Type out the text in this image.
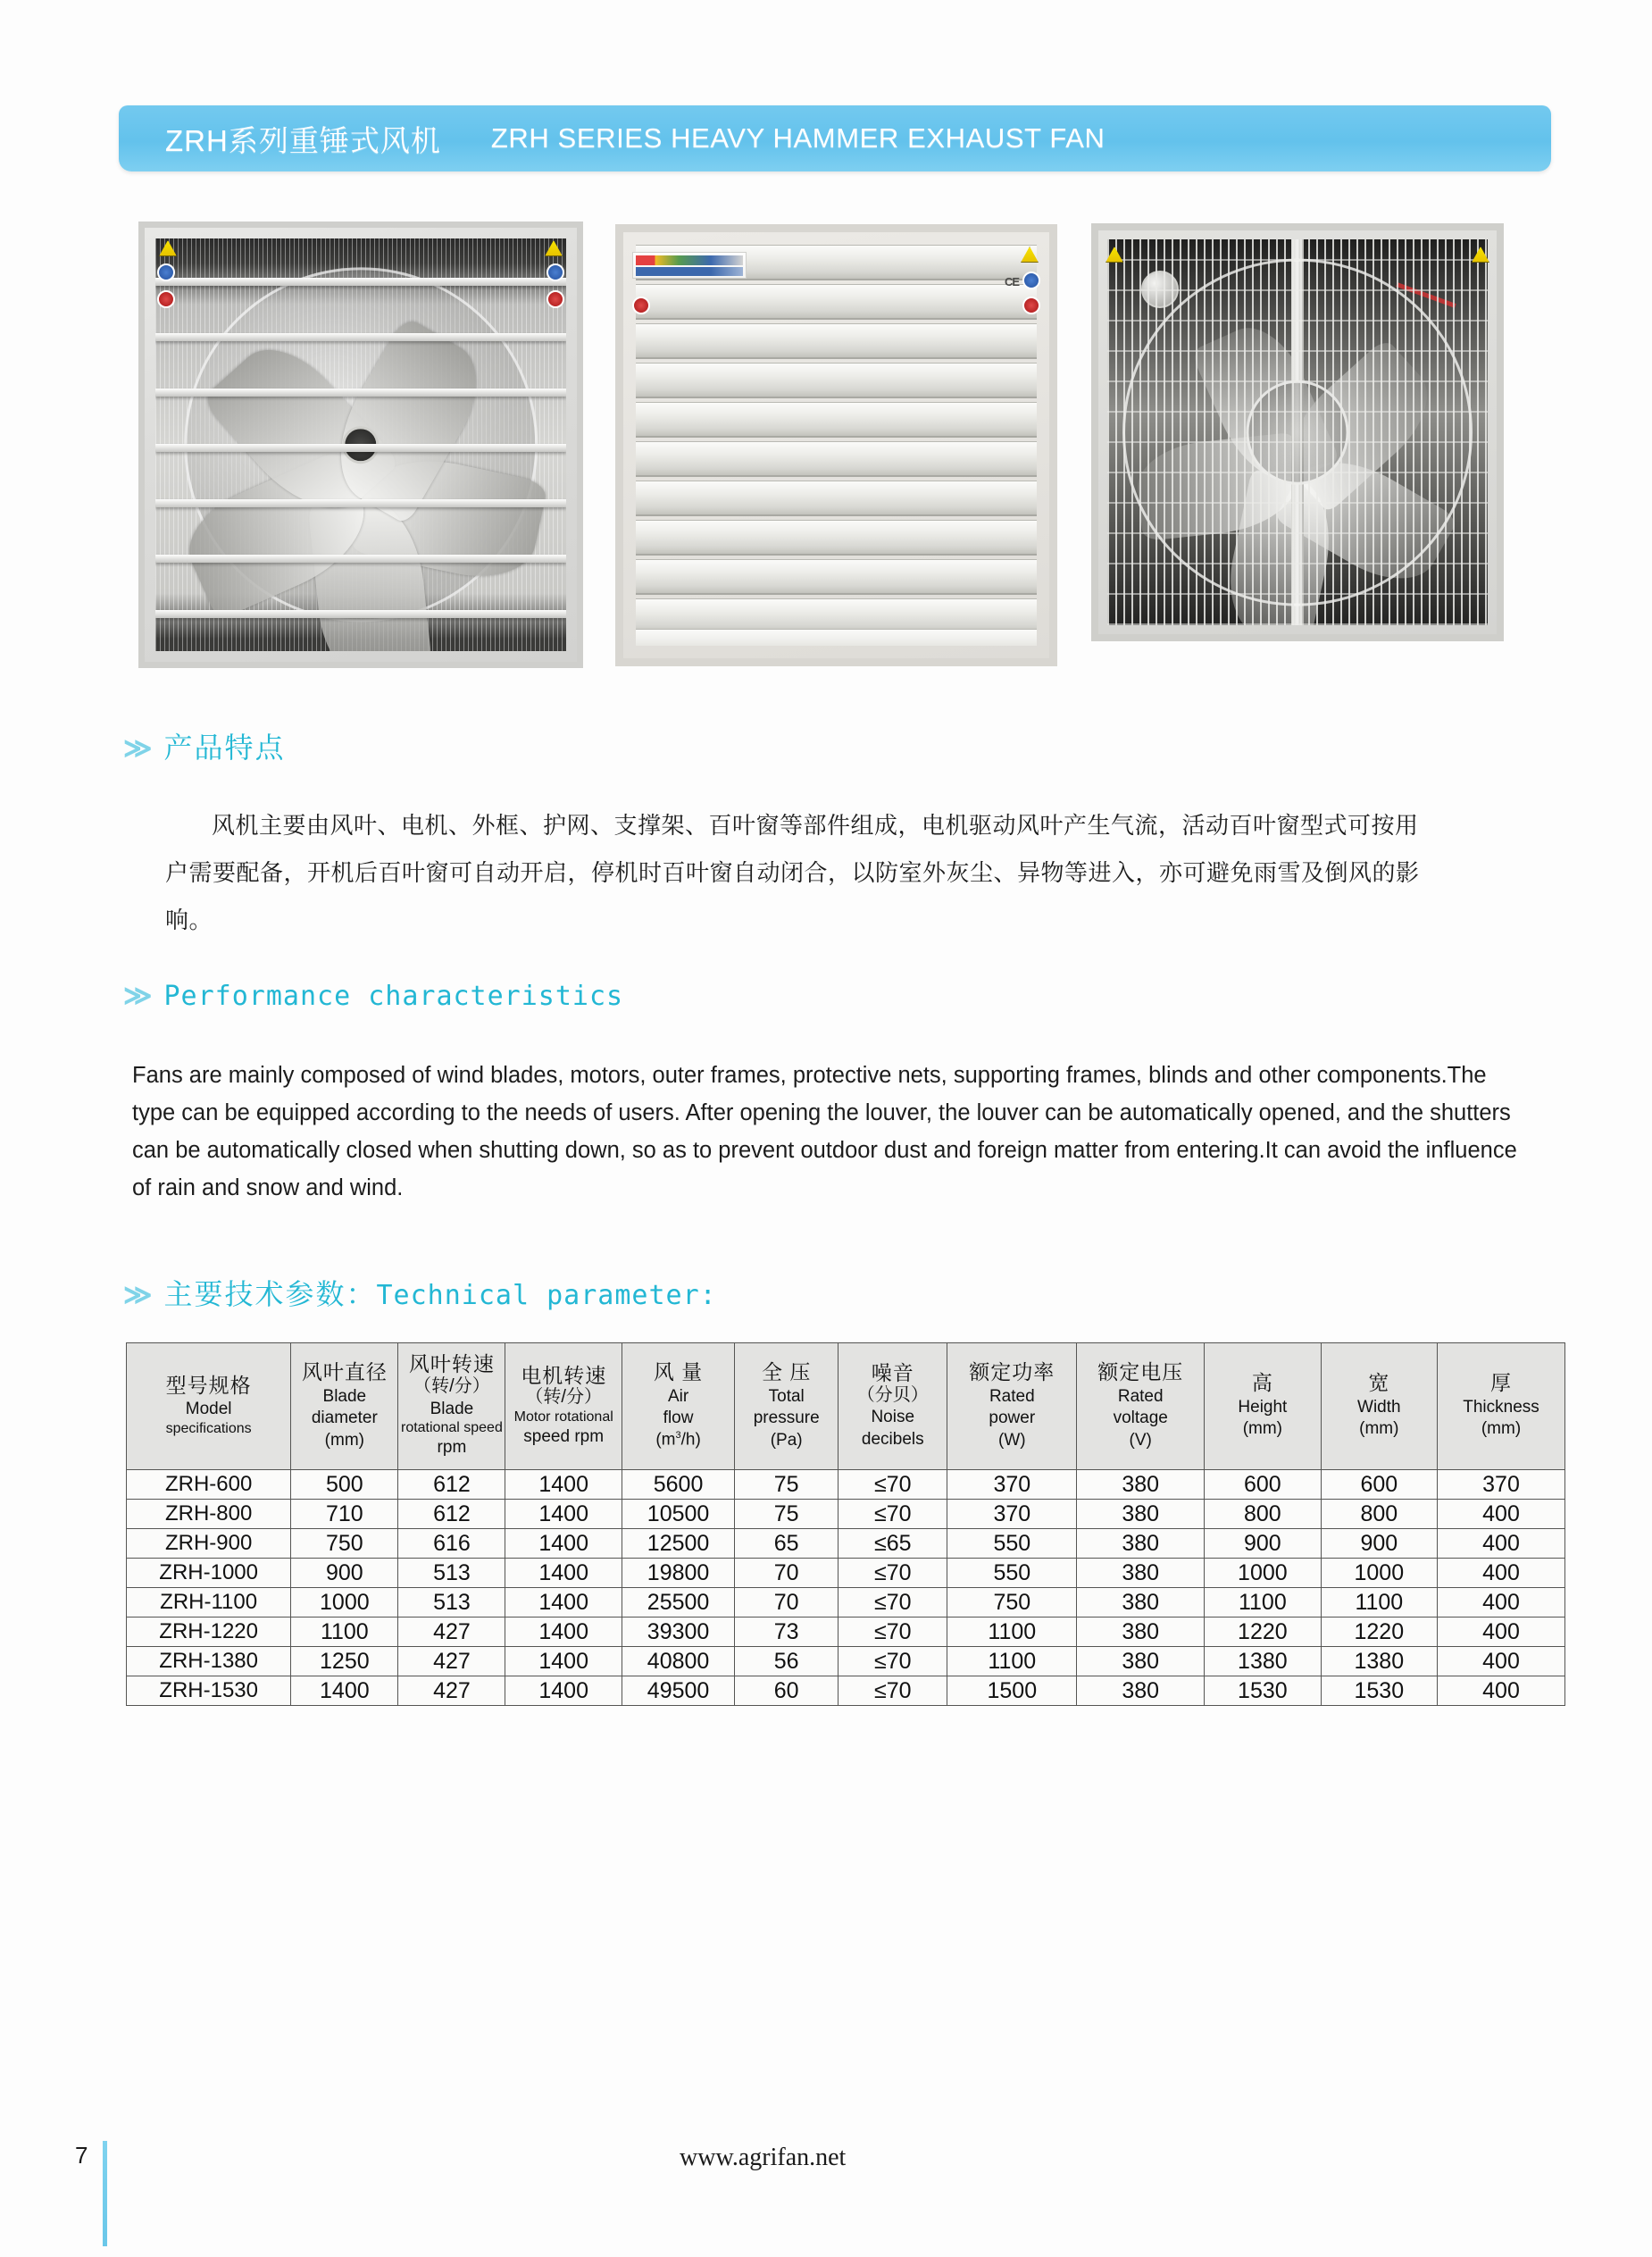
ZRH系列重锤式风机 ZRH SERIES HEAVY HAMMER EXHAUST FAN
CE
≫ 产品特点

风机主要由风叶、电机、外框、护网、支撑架、百叶窗等部件组成，电机驱动风叶产生气流，活动百叶窗型式可按用户需要配备，开机后百叶窗可自动开启，停机时百叶窗自动闭合，以防室外灰尘、异物等进入，亦可避免雨雪及倒风的影响。

≫ Performance characteristics

Fans are mainly composed of wind blades, motors, outer frames, protective nets, supporting frames, blinds and other components.The type can be equipped according to the needs of users. After opening the louver, the louver can be automatically opened, and the shutters can be automatically closed when shutting down, so as to prevent outdoor dust and foreign matter from entering.It can avoid the influence of rain and snow and wind.

≫ 主要技术参数：Technical parameter:
型号规格
Model
specifications	风叶直径
Blade
diameter
(mm)	风叶转速
（转/分）
Blade
rotational speed
rpm	电机转速
（转/分）
Motor rotational
speed rpm	风 量
Air
flow
$(m^3/h)$	全 压
Total
pressure
(Pa)	噪音
（分贝）
Noise
decibels	额定功率
Rated
power
(W)	额定电压
Rated
voltage
(V)	高
Height
(mm)	宽
Width
(mm)	厚
Thickness
(mm)

ZRH-600	500	612	1400	5600	75	≤70	370	380	600	600	370
ZRH-800	710	612	1400	10500	75	≤70	370	380	800	800	400
ZRH-900	750	616	1400	12500	65	≤65	550	380	900	900	400
ZRH-1000	900	513	1400	19800	70	≤70	550	380	1000	1000	400
ZRH-1100	1000	513	1400	25500	70	≤70	750	380	1100	1100	400
ZRH-1220	1100	427	1400	39300	73	≤70	1100	380	1220	1220	400
ZRH-1380	1250	427	1400	40800	56	≤70	1100	380	1380	1380	400
ZRH-1530	1400	427	1400	49500	60	≤70	1500	380	1530	1530	400
7	www.agrifan.net
